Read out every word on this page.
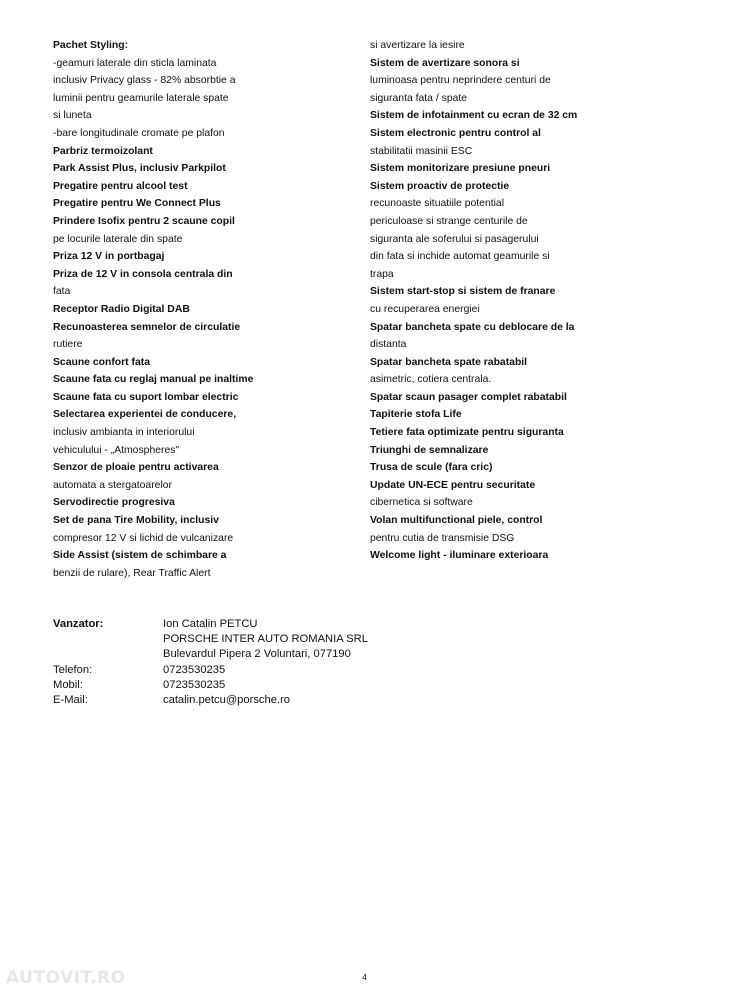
Pachet Styling:
-geamuri laterale din sticla laminata
inclusiv Privacy glass - 82% absorbtie a
luminii pentru geamurile laterale spate
si luneta
-bare longitudinale cromate pe plafon
Parbriz termoizolant
Park Assist Plus, inclusiv Parkpilot
Pregatire pentru alcool test
Pregatire pentru We Connect Plus
Prindere Isofix pentru 2 scaune copil
pe locurile laterale din spate
Priza 12 V in portbagaj
Priza de 12 V in consola centrala din
fata
Receptor Radio Digital DAB
Recunoasterea semnelor de circulatie
rutiere
Scaune confort fata
Scaune fata cu reglaj manual pe inaltime
Scaune fata cu suport lombar electric
Selectarea experientei de conducere,
inclusiv ambianta in interiorului
vehiculului - „Atmospheres"
Senzor de ploaie pentru activarea
automata a stergatoarelor
Servodirectie progresiva
Set de pana Tire Mobility, inclusiv
compresor 12 V si lichid de vulcanizare
Side Assist (sistem de schimbare a
benzii de rulare), Rear Traffic Alert
si avertizare la iesire
Sistem de avertizare sonora si
luminoasa pentru neprindere centuri de
siguranta fata / spate
Sistem de infotainment cu ecran de 32 cm
Sistem electronic pentru control al
stabilitatii masinii ESC
Sistem monitorizare presiune pneuri
Sistem proactiv de protectie
recunoaste situatiile potential
periculoase si strange centurile de
siguranta ale soferului si pasagerului
din fata si inchide automat geamurile si
trapa
Sistem start-stop si sistem de franare
cu recuperarea energiei
Spatar bancheta spate cu deblocare de la
distanta
Spatar bancheta spate rabatabil
asimetric, cotiera centrala.
Spatar scaun pasager complet rabatabil
Tapiterie stofa Life
Tetiere fata optimizate pentru siguranta
Triunghi de semnalizare
Trusa de scule (fara cric)
Update UN-ECE pentru securitate
cibernetica si software
Volan multifunctional piele, control
pentru cutia de transmisie DSG
Welcome light - iluminare exterioara
Vanzator:	Ion Catalin PETCU
PORSCHE INTER AUTO ROMANIA SRL
Bulevardul Pipera 2 Voluntari, 077190
Telefon:	0723530235
Mobil:	0723530235
E-Mail:	catalin.petcu@porsche.ro
4
AUTOVIT.RO
